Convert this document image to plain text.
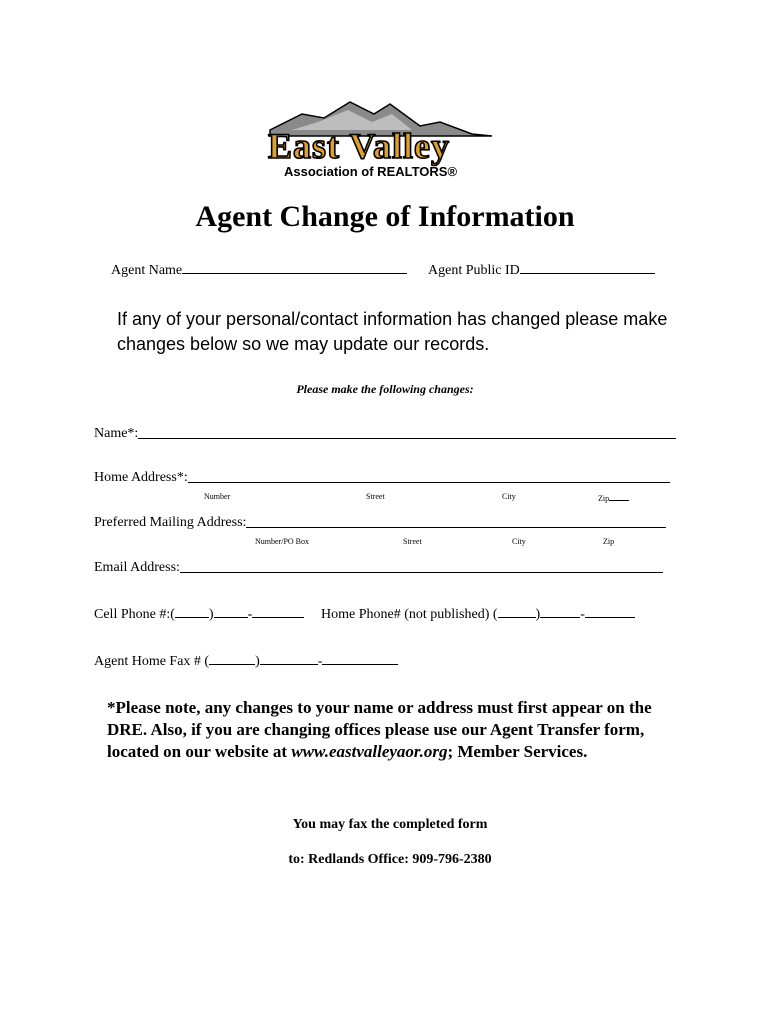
East Valley
Association of REALTORS®
Agent Change of Information
Agent Name	Agent Public ID
If any of your personal/contact information has changed please make changes below so we may update our records.
Please make the following changes:
Name*:
Home Address*:
Number	Street	City	Zip
Preferred Mailing Address:
Number/PO Box	Street	City	Zip
Email Address:
Cell Phone #:( ) -	Home Phone# (not published) (	)	-
Agent Home Fax # (	)	-
*Please note, any changes to your name or address must first appear on the DRE. Also, if you are changing offices please use our Agent Transfer form, located on our website at www.eastvalleyaor.org; Member Services.
You may fax the completed form
to: Redlands Office: 909-796-2380
